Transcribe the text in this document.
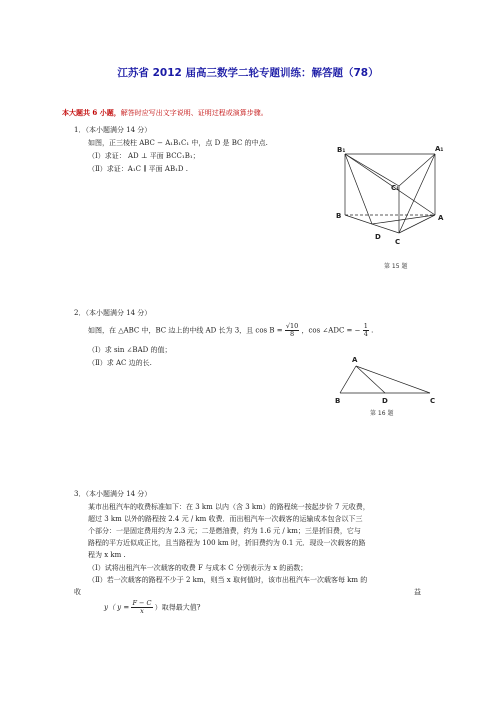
江苏省 2012 届高三数学二轮专题训练：解答题（78）
本大题共 6 小题，解答时应写出文字说明、证明过程或演算步骤。
1．（本小题满分 14 分）
如图，正三棱柱 ABC − A₁B₁C₁ 中，点 D 是 BC 的中点.
（Ⅰ）求证： AD ⊥ 平面 BCC₁B₁；
（Ⅱ）求证：A₁C ∥ 平面 AB₁D .
B₁	A₁
C₁
B	A
D
C
第 15 题
2．（本小题满分 14 分）
如图，在 △ABC 中，BC 边上的中线 AD 长为 3，且 $\cos B = \frac{√10}{8}$ ，cos ∠ADC = − $\frac{1}{4}$ .
（Ⅰ）求 sin ∠BAD 的值；
（Ⅱ）求 AC 边的长.	A
B	D	C
第 16 题
3．（本小题满分 14 分）
某市出租汽车的收费标准如下：在 3 km 以内（含 3 km）的路程统一按起步价 7 元收费，
超过 3 km 以外的路程按 2.4 元 / km 收费．而出租汽车一次载客的运输成本包含以下三
个部分：一是固定费用约为 2.3 元；二是燃油费，约为 1.6 元 / km；三是折旧费，它与
路程的平方近似成正比，且当路程为 100 km 时，折旧费约为 0.1 元．现设一次载客的路
程为 x km .
（Ⅰ）试将出租汽车一次载客的收费 F 与成本 C 分别表示为 x 的函数；
（Ⅱ）若一次载客的路程不少于 2 km，则当 x 取何值时，该市出租汽车一次载客每 km 的
收	益
y（ $y = \frac{F - C}{x}$ ）取得最大值?
